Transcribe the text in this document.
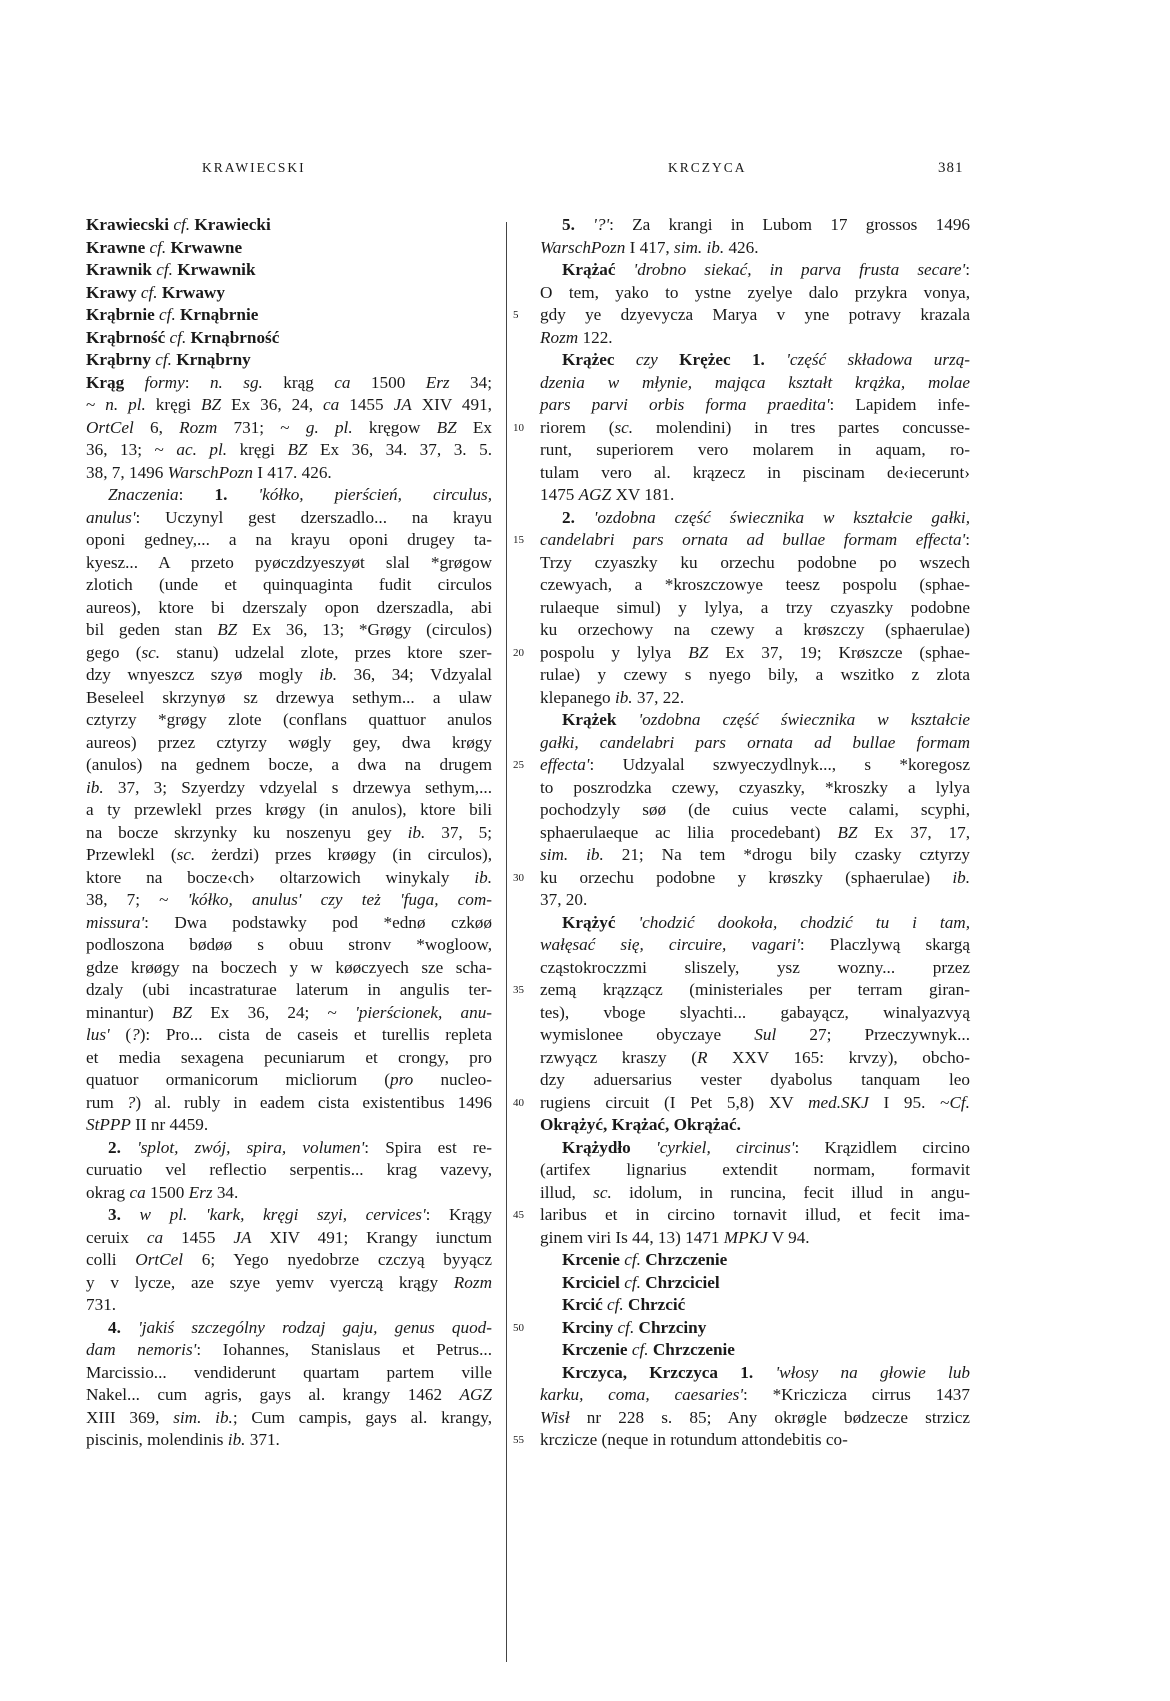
KRAWIECSKI	KRCZYCA	381
5
10
15
20
25
30
35
40
45
50
55
Krawiecski cf. Krawiecki
Krawne cf. Krwawne
Krawnik cf. Krwawnik
Krawy cf. Krwawy
Krąbrnie cf. Krnąbrnie
Krąbrność cf. Krnąbrność
Krąbrny cf. Krnąbrny
Krąg formy: n. sg. krąg ca 1500 Erz 34;
~ n. pl. kręgi BZ Ex 36, 24, ca 1455 JA XIV 491,
OrtCel 6, Rozm 731; ~ g. pl. kręgow BZ Ex
36, 13; ~ ac. pl. kręgi BZ Ex 36, 34. 37, 3. 5.
38, 7, 1496 WarschPozn I 417. 426.
Znaczenia: 1. 'kółko, pierścień, circulus,
anulus': Uczynyl gest dzerszadlo... na krayu
oponi gedney,... a na krayu oponi drugey ta-
kyesz... A przeto pyøczdzyeszyøt slal *grøgow
zlotich (unde et quinquaginta fudit circulos
aureos), ktore bi dzerszaly opon dzerszadla, abi
bil geden stan BZ Ex 36, 13; *Grøgy (circulos)
gego (sc. stanu) udzelal zlote, przes ktore szer-
dzy wnyeszcz szyø mogly ib. 36, 34; Vdzyalal
Beseleel skrzynyø sz drzewya sethym... a ulaw
cztyrzy *grøgy zlote (conflans quattuor anulos
aureos) przez cztyrzy wøgly gey, dwa krøgy
(anulos) na gednem bocze, a dwa na drugem
ib. 37, 3; Szyerdzy vdzyelal s drzewya sethym,...
a ty przewlekl przes krøgy (in anulos), ktore bili
na bocze skrzynky ku noszenyu gey ib. 37, 5;
Przewlekl (sc. żerdzi) przes krøøgy (in circulos),
ktore na bocze‹ch› oltarzowich winykaly ib.
38, 7; ~ 'kółko, anulus' czy też 'fuga, com-
missura': Dwa podstawky pod *ednø czkøø
podloszona bødøø s obuu stronv *wogloow,
gdze krøøgy na boczech y w køøczyech sze scha-
dzaly (ubi incastraturae laterum in angulis ter-
minantur) BZ Ex 36, 24; ~ 'pierścionek, anu-
lus' (?): Pro... cista de caseis et turellis repleta
et media sexagena pecuniarum et crongy, pro
quatuor ormanicorum micliorum (pro nucleo-
rum ?) al. rubly in eadem cista existentibus 1496
StPPP II nr 4459.
2. 'splot, zwój, spira, volumen': Spira est re-
curuatio vel reflectio serpentis... krag vazevy,
okrag ca 1500 Erz 34.
3. w pl. 'kark, kręgi szyi, cervices': Krągy
ceruix ca 1455 JA XIV 491; Krangy iunctum
colli OrtCel 6; Yego nyedobrze czczyą byyącz
y v lycze, aze szye yemv vyerczą krągy Rozm
731.
4. 'jakiś szczególny rodzaj gaju, genus quod-
dam nemoris': Iohannes, Stanislaus et Petrus...
Marcissio... vendiderunt quartam partem ville
Nakel... cum agris, gays al. krangy 1462 AGZ
XIII 369, sim. ib.; Cum campis, gays al. krangy,
piscinis, molendinis ib. 371.
5. '?': Za krangi in Lubom 17 grossos 1496
WarschPozn I 417, sim. ib. 426.
Krążać 'drobno siekać, in parva frusta secare':
O tem, yako to ystne zyelye dalo przykra vonya,
gdy ye dzyevycza Marya v yne potravy krazala
Rozm 122.
Krążec czy Krężec 1. 'część składowa urzą-
dzenia w młynie, mająca kształt krążka, molae
pars parvi orbis forma praedita': Lapidem infe-
riorem (sc. molendini) in tres partes concusse-
runt, superiorem vero molarem in aquam, ro-
tulam vero al. krązecz in piscinam de‹iecerunt›
1475 AGZ XV 181.
2. 'ozdobna część świecznika w kształcie gałki,
candelabri pars ornata ad bullae formam effecta':
Trzy czyaszky ku orzechu podobne po wszech
czewyach, a *kroszczowye teesz pospolu (sphae-
rulaeque simul) y lylya, a trzy czyaszky podobne
ku orzechowy na czewy a krøszczy (sphaerulae)
pospolu y lylya BZ Ex 37, 19; Krøszcze (sphae-
rulae) y czewy s nyego bily, a wszitko z zlota
klepanego ib. 37, 22.
Krążek 'ozdobna część świecznika w kształcie
gałki, candelabri pars ornata ad bullae formam
effecta': Udzyalal szwyeczydlnyk..., s *koregosz
to poszrodzka czewy, czyaszky, *kroszky a lylya
pochodzyly søø (de cuius vecte calami, scyphi,
sphaerulaeque ac lilia procedebant) BZ Ex 37, 17,
sim. ib. 21; Na tem *drogu bily czasky cztyrzy
ku orzechu podobne y krøszky (sphaerulae) ib.
37, 20.
Krążyć 'chodzić dookoła, chodzić tu i tam,
wałęsać się, circuire, vagari': Placzlywą skargą
cząstokroczzmi sliszely, ysz wozny... przez
zemą krązzącz (ministeriales per terram giran-
tes), vboge slyachti... gabayącz, winalyazvyą
wymislonee obyczaye Sul 27; Przeczywnyk...
rzwyącz kraszy (R XXV 165: krvzy), obcho-
dzy aduersarius vester dyabolus tanquam leo
rugiens circuit (I Pet 5,8) XV med.SKJ I 95. ~Cf.
Okrążyć, Krążać, Okrążać.
Krążydło 'cyrkiel, circinus': Krązidlem circino
(artifex lignarius extendit normam, formavit
illud, sc. idolum, in runcina, fecit illud in angu-
laribus et in circino tornavit illud, et fecit ima-
ginem viri Is 44, 13) 1471 MPKJ V 94.
Krcenie cf. Chrzczenie
Krciciel cf. Chrzciciel
Krcić cf. Chrzcić
Krciny cf. Chrzciny
Krczenie cf. Chrzczenie
Krczyca, Krzczyca 1. 'włosy na głowie lub
karku, coma, caesaries': *Kriczicza cirrus 1437
Wisł nr 228 s. 85; Any okrøgle bødzecze strzicz
krczicze (neque in rotundum attondebitis co-
